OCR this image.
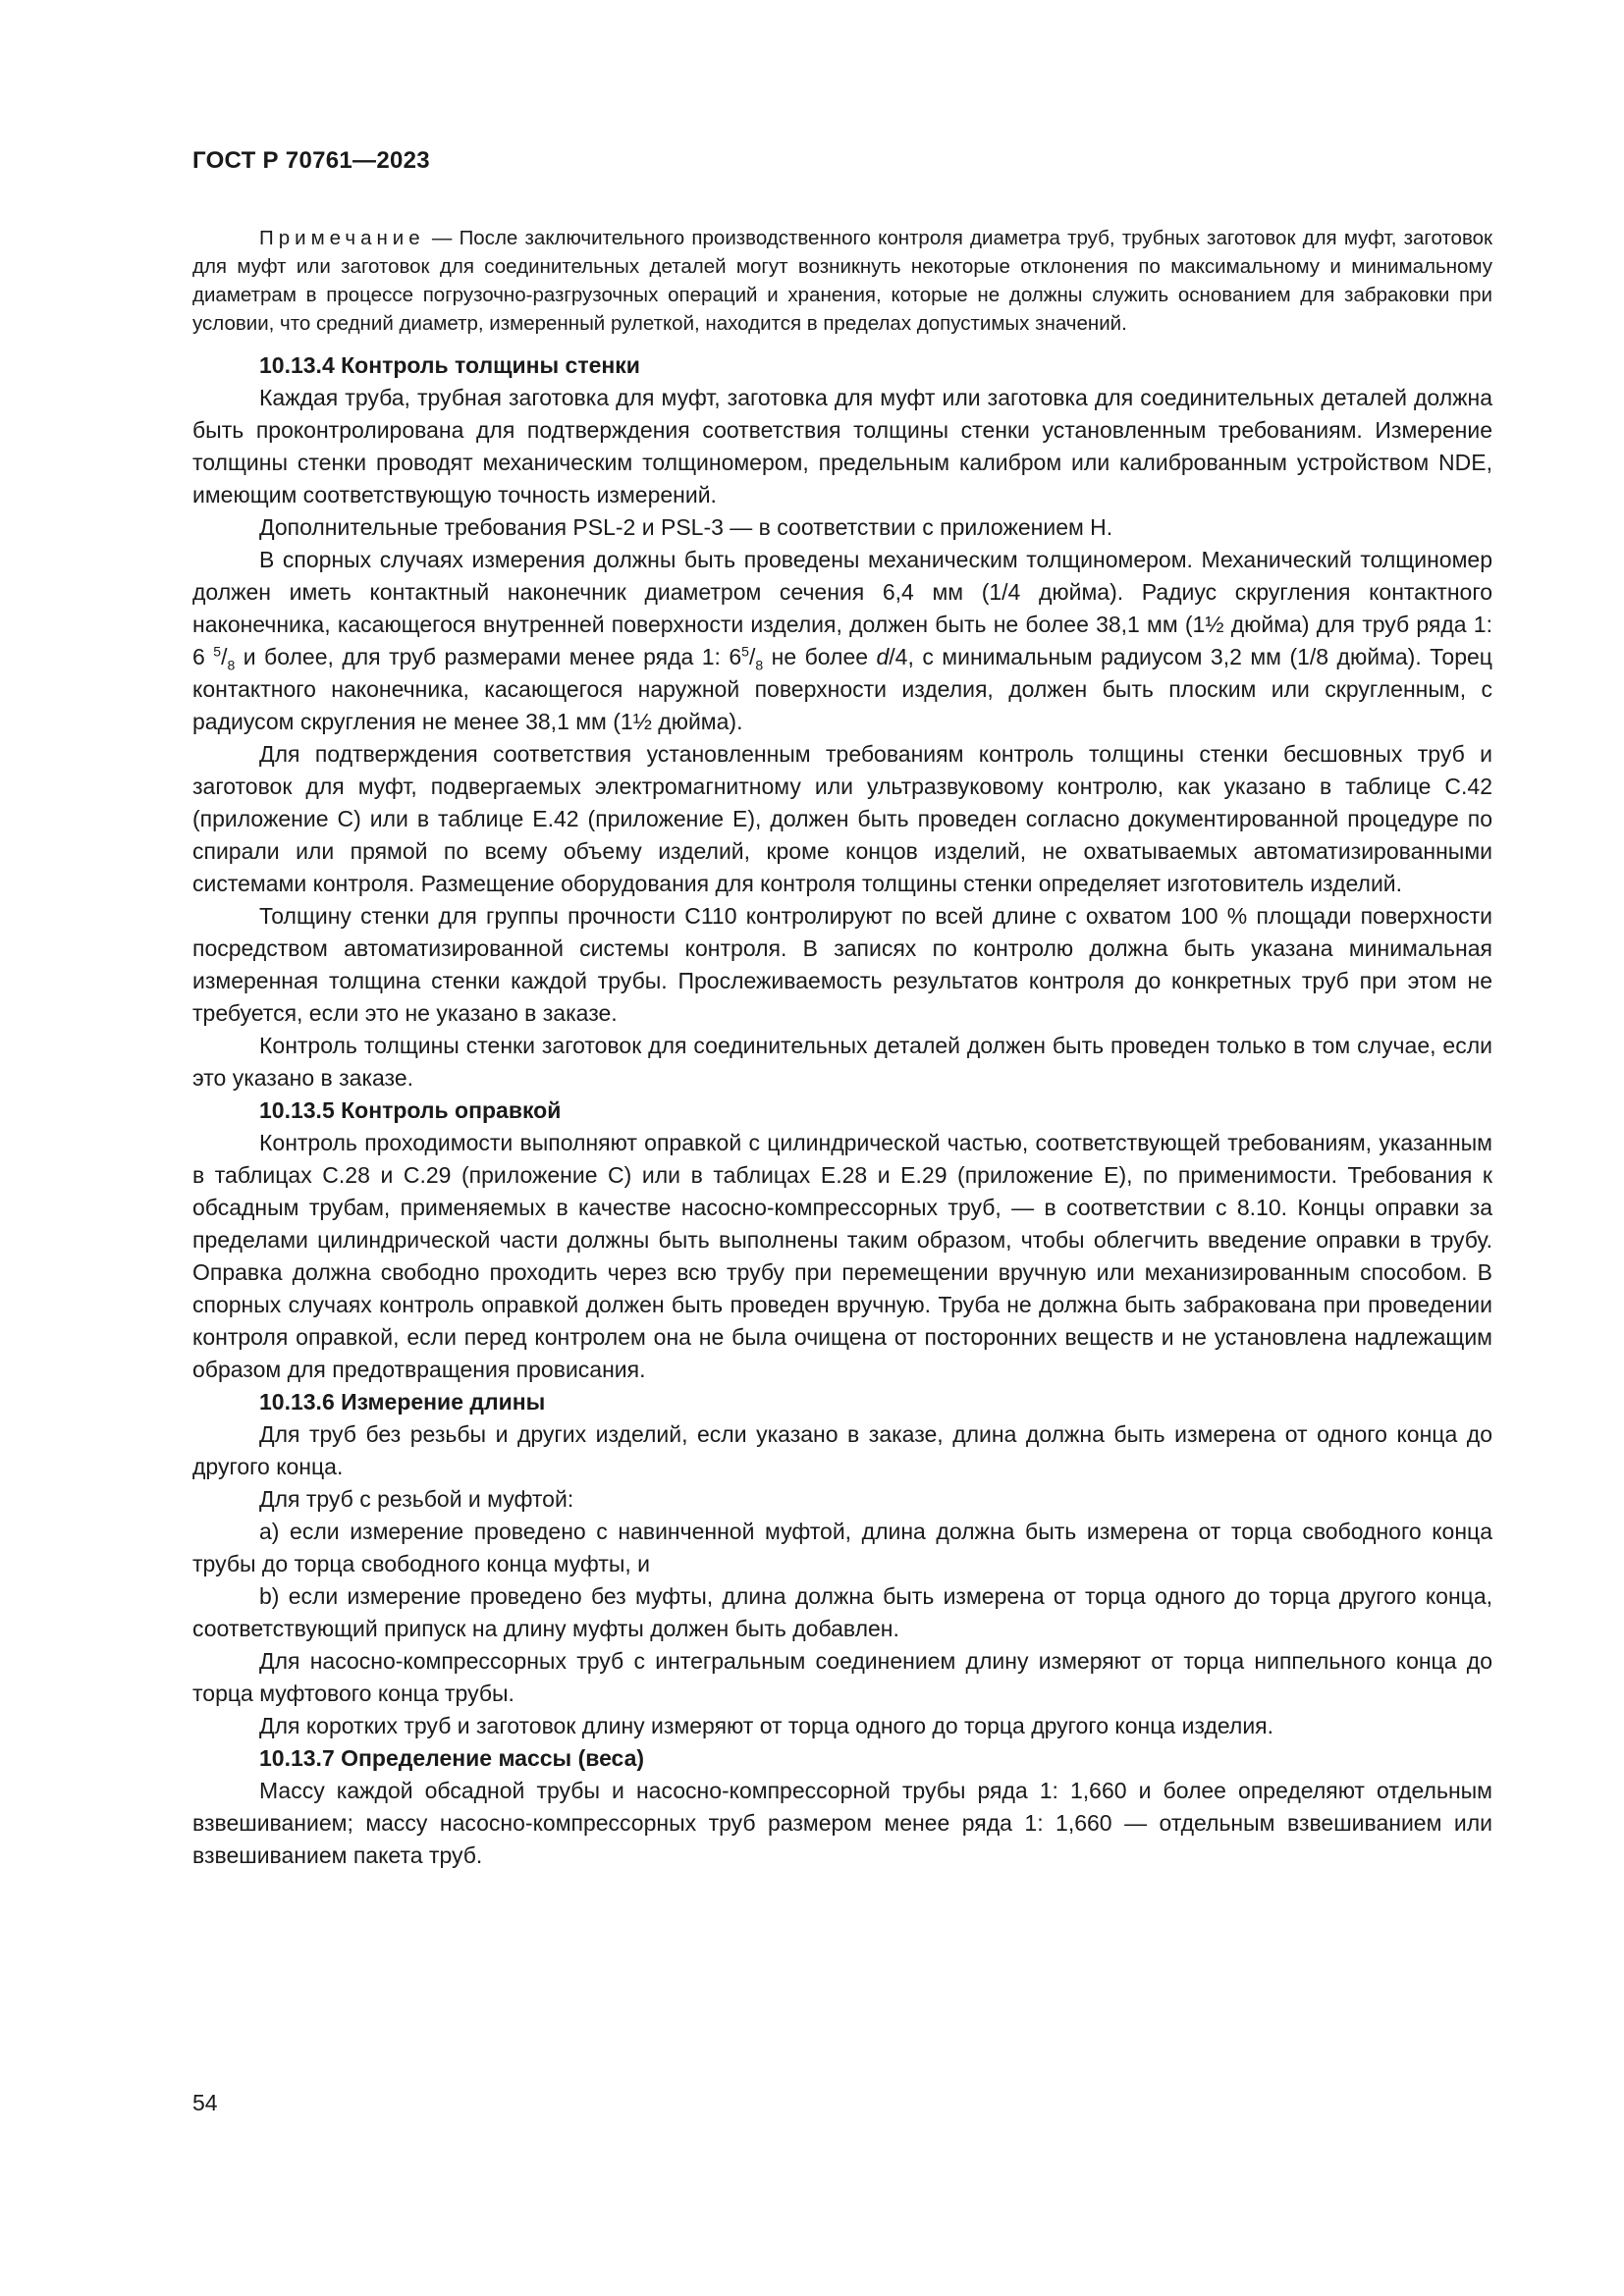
ГОСТ Р 70761—2023

Примечание — После заключительного производственного контроля диаметра труб, трубных заготовок для муфт, заготовок для муфт или заготовок для соединительных деталей могут возникнуть некоторые отклонения по максимальному и минимальному диаметрам в процессе погрузочно-разгрузочных операций и хранения, которые не должны служить основанием для забраковки при условии, что средний диаметр, измеренный рулеткой, находится в пределах допустимых значений.

10.13.4 Контроль толщины стенки

Каждая труба, трубная заготовка для муфт, заготовка для муфт или заготовка для соединительных деталей должна быть проконтролирована для подтверждения соответствия толщины стенки установленным требованиям. Измерение толщины стенки проводят механическим толщиномером, предельным калибром или калиброванным устройством NDE, имеющим соответствующую точность измерений.

Дополнительные требования PSL-2 и PSL-3 — в соответствии с приложением H.

В спорных случаях измерения должны быть проведены механическим толщиномером. Механический толщиномер должен иметь контактный наконечник диаметром сечения 6,4 мм (1/4 дюйма). Радиус скругления контактного наконечника, касающегося внутренней поверхности изделия, должен быть не более 38,1 мм (1½ дюйма) для труб ряда 1: 6 $^5/_8$ и более, для труб размерами менее ряда 1: $6^5/_8$ не более d/4, с минимальным радиусом 3,2 мм (1/8 дюйма). Торец контактного наконечника, касающегося наружной поверхности изделия, должен быть плоским или скругленным, с радиусом скругления не менее 38,1 мм (1½ дюйма).

Для подтверждения соответствия установленным требованиям контроль толщины стенки бесшовных труб и заготовок для муфт, подвергаемых электромагнитному или ультразвуковому контролю, как указано в таблице С.42 (приложение С) или в таблице Е.42 (приложение Е), должен быть проведен согласно документированной процедуре по спирали или прямой по всему объему изделий, кроме концов изделий, не охватываемых автоматизированными системами контроля. Размещение оборудования для контроля толщины стенки определяет изготовитель изделий.

Толщину стенки для группы прочности С110 контролируют по всей длине с охватом 100 % площади поверхности посредством автоматизированной системы контроля. В записях по контролю должна быть указана минимальная измеренная толщина стенки каждой трубы. Прослеживаемость результатов контроля до конкретных труб при этом не требуется, если это не указано в заказе.

Контроль толщины стенки заготовок для соединительных деталей должен быть проведен только в том случае, если это указано в заказе.

10.13.5 Контроль оправкой

Контроль проходимости выполняют оправкой с цилиндрической частью, соответствующей требованиям, указанным в таблицах С.28 и С.29 (приложение С) или в таблицах Е.28 и Е.29 (приложение Е), по применимости. Требования к обсадным трубам, применяемых в качестве насосно-компрессорных труб, — в соответствии с 8.10. Концы оправки за пределами цилиндрической части должны быть выполнены таким образом, чтобы облегчить введение оправки в трубу. Оправка должна свободно проходить через всю трубу при перемещении вручную или механизированным способом. В спорных случаях контроль оправкой должен быть проведен вручную. Труба не должна быть забракована при проведении контроля оправкой, если перед контролем она не была очищена от посторонних веществ и не установлена надлежащим образом для предотвращения провисания.

10.13.6 Измерение длины

Для труб без резьбы и других изделий, если указано в заказе, длина должна быть измерена от одного конца до другого конца.

Для труб с резьбой и муфтой:

a) если измерение проведено с навинченной муфтой, длина должна быть измерена от торца свободного конца трубы до торца свободного конца муфты, и

b) если измерение проведено без муфты, длина должна быть измерена от торца одного до торца другого конца, соответствующий припуск на длину муфты должен быть добавлен.

Для насосно-компрессорных труб с интегральным соединением длину измеряют от торца ниппельного конца до торца муфтового конца трубы.

Для коротких труб и заготовок длину измеряют от торца одного до торца другого конца изделия.

10.13.7 Определение массы (веса)

Массу каждой обсадной трубы и насосно-компрессорной трубы ряда 1: 1,660 и более определяют отдельным взвешиванием; массу насосно-компрессорных труб размером менее ряда 1: 1,660 — отдельным взвешиванием или взвешиванием пакета труб.

54
